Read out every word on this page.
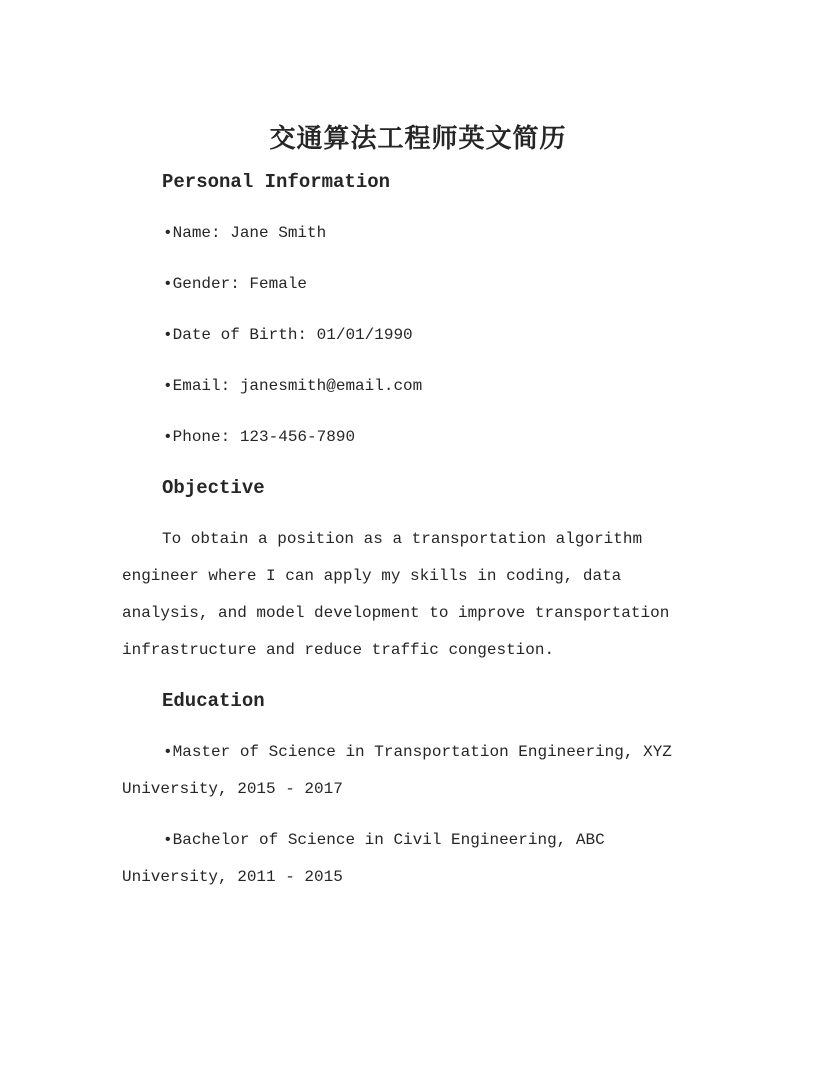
交通算法工程师英文简历
Personal Information

•Name: Jane Smith

•Gender: Female

•Date of Birth: 01/01/1990

•Email: janesmith@email.com

•Phone: 123-456-7890

Objective

To obtain a position as a transportation algorithm engineer where I can apply my skills in coding, data analysis, and model development to improve transportation infrastructure and reduce traffic congestion.

Education

•Master of Science in Transportation Engineering, XYZ University, 2015 - 2017

•Bachelor of Science in Civil Engineering, ABC University, 2011 - 2015
